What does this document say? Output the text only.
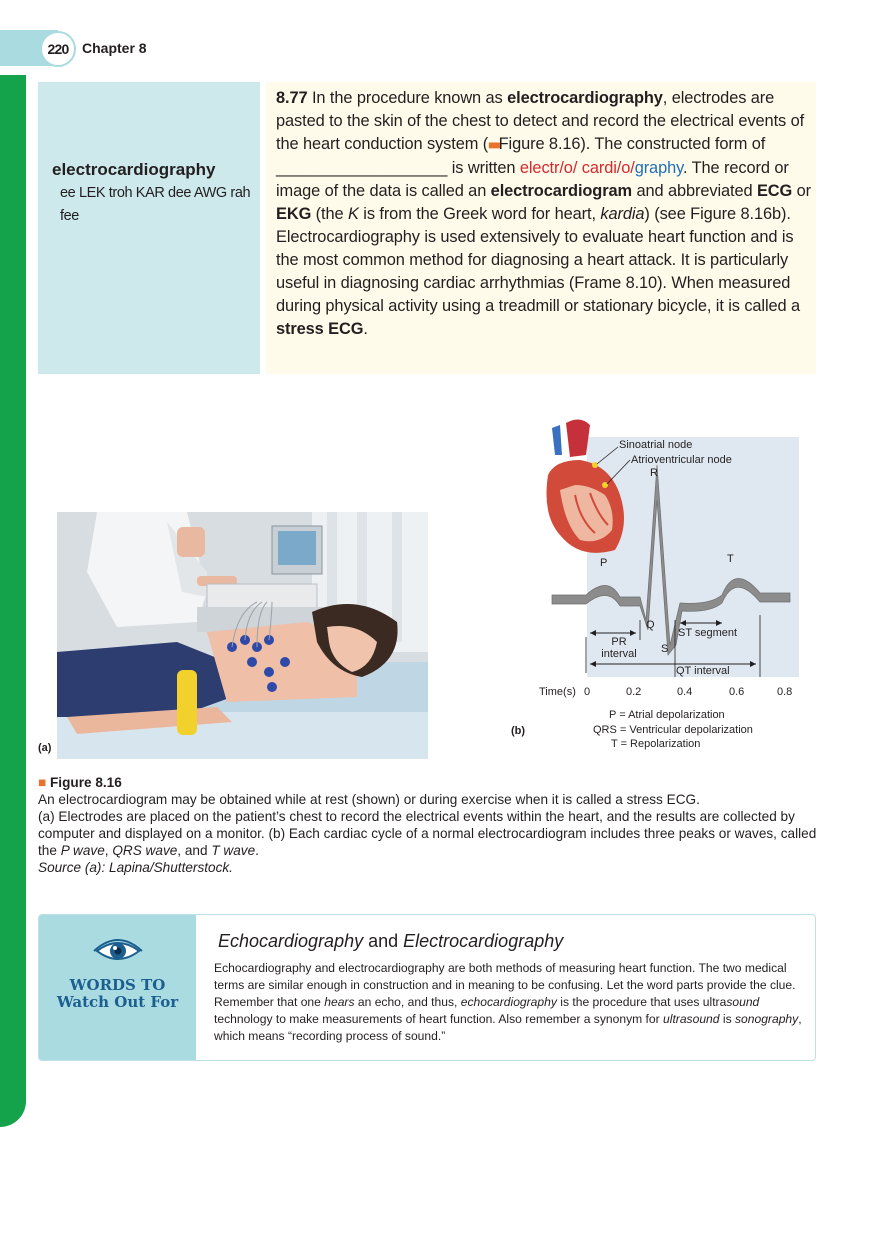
220 Chapter 8
electrocardiography
ee LEK troh KAR dee AWG rah fee

8.77 In the procedure known as electrocardiography, electrodes are pasted to the skin of the chest to detect and record the electrical events of the heart conduction system (■■Figure 8.16). The constructed form of ___________________ is written electr/o/ cardi/o/graphy. The record or image of the data is called an electrocardiogram and abbreviated ECG or EKG (the K is from the Greek word for heart, kardia) (see Figure 8.16b). Electrocardiography is used extensively to evaluate heart function and is the most common method for diagnosing a heart attack. It is particularly useful in diagnosing cardiac arrhythmias (Frame 8.10). When measured during physical activity using a treadmill or stationary bicycle, it is called a stress ECG.

(a)
Sinoatrial node
Atrioventricular node
R
P	T
Q
S
PR interval
ST segment
QT interval
Time(s) 0	0.2	0.4	0.6	0.8
P = Atrial depolarization
QRS = Ventricular depolarization
T = Repolarization
(b)
■ Figure 8.16
An electrocardiogram may be obtained while at rest (shown) or during exercise when it is called a stress ECG.
(a) Electrodes are placed on the patient’s chest to record the electrical events within the heart, and the results are collected by computer and displayed on a monitor. (b) Each cardiac cycle of a normal electrocardiogram includes three peaks or waves, called the P wave, QRS wave, and T wave.
Source (a): Lapina/Shutterstock.
WORDS TO
Watch Out For
Echocardiography and Electrocardiography

Echocardiography and electrocardiography are both methods of measuring heart function. The two medical terms are similar enough in construction and in meaning to be confusing. Let the word parts provide the clue. Remember that one hears an echo, and thus, echocardiography is the procedure that uses ultrasound technology to make measurements of heart function. Also remember a synonym for ultrasound is sonography, which means “recording process of sound.”
